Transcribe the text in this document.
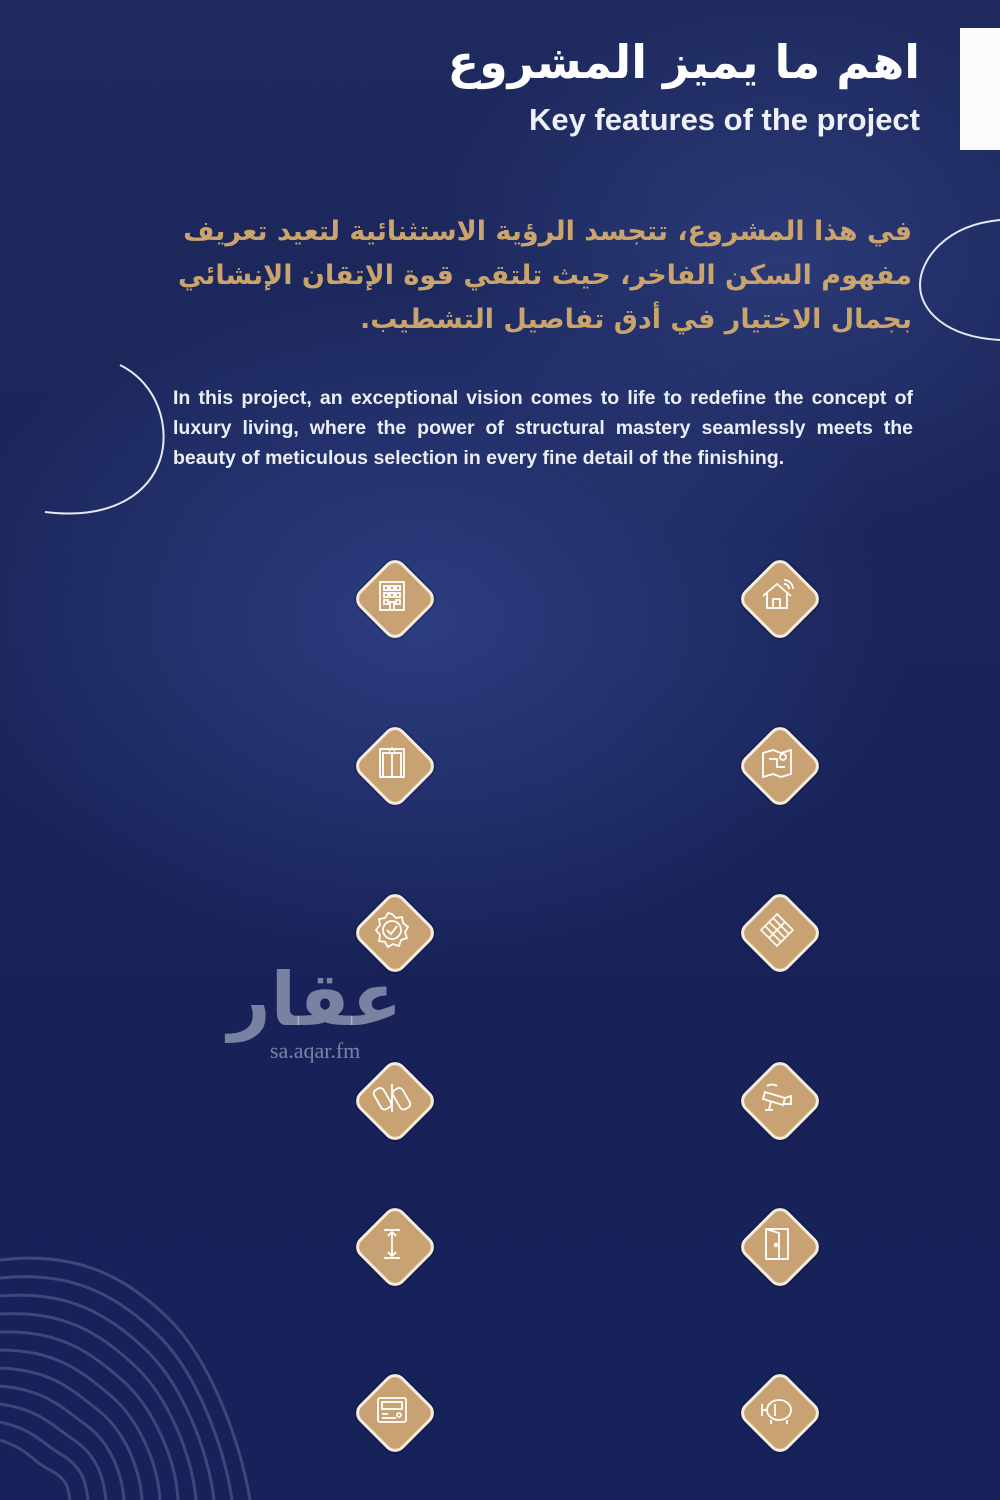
اهم ما يميز المشروع
Key features of the project
في هذا المشروع، تتجسد الرؤية الاستثنائية لتعيد تعريف مفهوم السكن الفاخر، حيث تلتقي قوة الإتقان الإنشائي بجمال الاختيار في أدق تفاصيل التشطيب.
In this project, an exceptional vision comes to life to redefine the concept of luxury living, where the power of structural mastery seamlessly meets the beauty of meticulous selection in every fine detail of the finishing.
عقار
sa.aqar.fm
